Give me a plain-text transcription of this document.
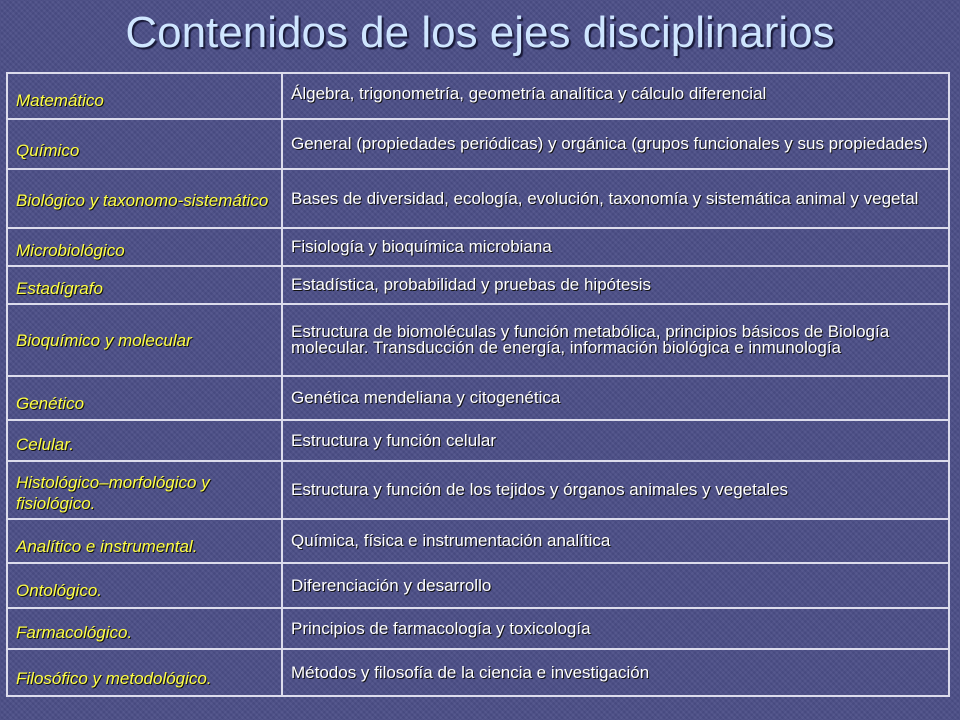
Contenidos de los ejes disciplinarios
Matemático	Álgebra, trigonometría, geometría analítica y cálculo diferencial
Químico	General (propiedades periódicas) y orgánica (grupos funcionales y sus propiedades)
Biológico y taxonomo-sistemático	Bases de diversidad, ecología, evolución, taxonomía y sistemática animal y vegetal
Microbiológico	Fisiología y bioquímica microbiana
Estadígrafo	Estadística, probabilidad y pruebas de hipótesis
Bioquímico y molecular	Estructura de biomoléculas y función metabólica, principios básicos de Biología molecular. Transducción de energía, información biológica e inmunología
Genético	Genética mendeliana y citogenética
Celular.	Estructura y función celular
Histológico–morfológico y fisiológico.	Estructura y función de los tejidos y órganos animales y vegetales
Analítico e instrumental.	Química, física e instrumentación analítica
Ontológico.	Diferenciación y desarrollo
Farmacológico.	Principios de farmacología y toxicología
Filosófico y metodológico.	Métodos y filosofía de la ciencia e investigación
